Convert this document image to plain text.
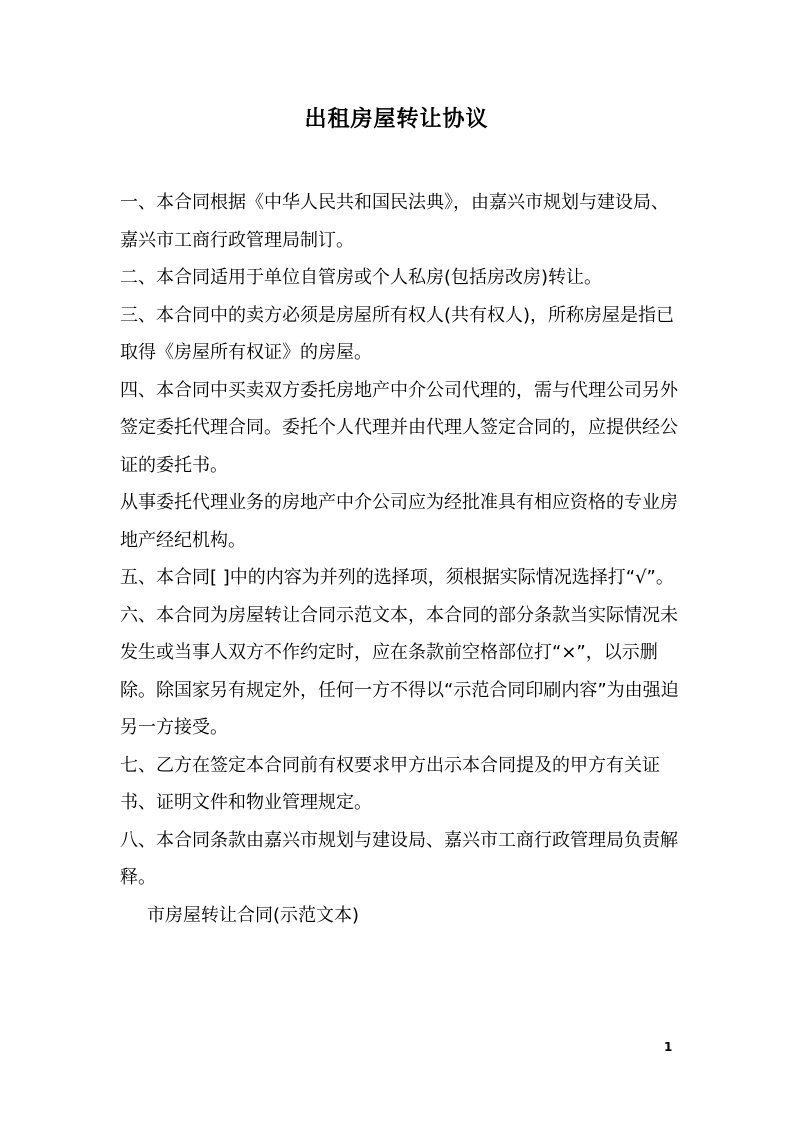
出租房屋转让协议

一、本合同根据《中华人民共和国民法典》，由嘉兴市规划与建设局、嘉兴市工商行政管理局制订。

二、本合同适用于单位自管房或个人私房(包括房改房)转让。

三、本合同中的卖方必须是房屋所有权人(共有权人)，所称房屋是指已取得《房屋所有权证》的房屋。

四、本合同中买卖双方委托房地产中介公司代理的，需与代理公司另外签定委托代理合同。委托个人代理并由代理人签定合同的，应提供经公证的委托书。

从事委托代理业务的房地产中介公司应为经批准具有相应资格的专业房地产经纪机构。

五、本合同[ ]中的内容为并列的选择项，须根据实际情况选择打“√”。

六、本合同为房屋转让合同示范文本，本合同的部分条款当实际情况未发生或当事人双方不作约定时，应在条款前空格部位打“×”，以示删除。除国家另有规定外，任何一方不得以“示范合同印刷内容”为由强迫另一方接受。

七、乙方在签定本合同前有权要求甲方出示本合同提及的甲方有关证书、证明文件和物业管理规定。

八、本合同条款由嘉兴市规划与建设局、嘉兴市工商行政管理局负责解释。

市房屋转让合同(示范文本)

1
